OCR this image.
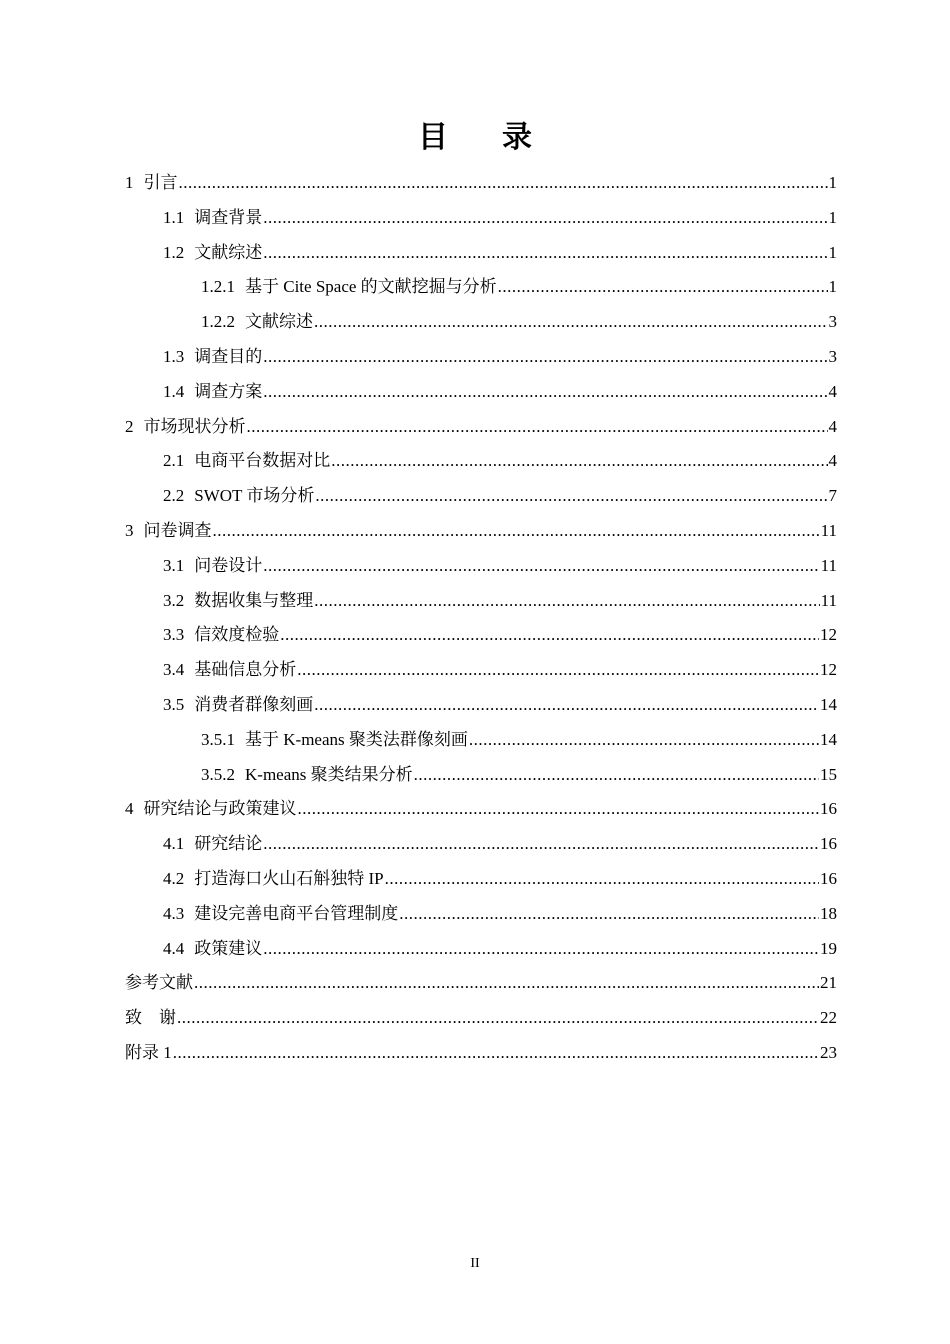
目录
1 引言 .....	1
1.1 调查背景 .....	1
1.2 文献综述 .....	1
1.2.1 基于 Cite Space 的文献挖掘与分析 .....	1
1.2.2 文献综述 .....	3
1.3 调查目的 .....	3
1.4 调查方案 .....	4
2 市场现状分析 .....	4
2.1 电商平台数据对比 .....	4
2.2 SWOT 市场分析 .....	7
3 问卷调查 .....	11
3.1 问卷设计 .....	11
3.2 数据收集与整理 .....	11
3.3 信效度检验 .....	12
3.4 基础信息分析 .....	12
3.5 消费者群像刻画 .....	14
3.5.1 基于 K-means 聚类法群像刻画 .....	14
3.5.2 K-means 聚类结果分析 .....	15
4 研究结论与政策建议 .....	16
4.1 研究结论 .....	16
4.2 打造海口火山石斛独特 IP .....	16
4.3 建设完善电商平台管理制度 .....	18
4.4 政策建议 .....	19
参考文献 .....	21
致　谢 .....	22
附录 1 .....	23
II
